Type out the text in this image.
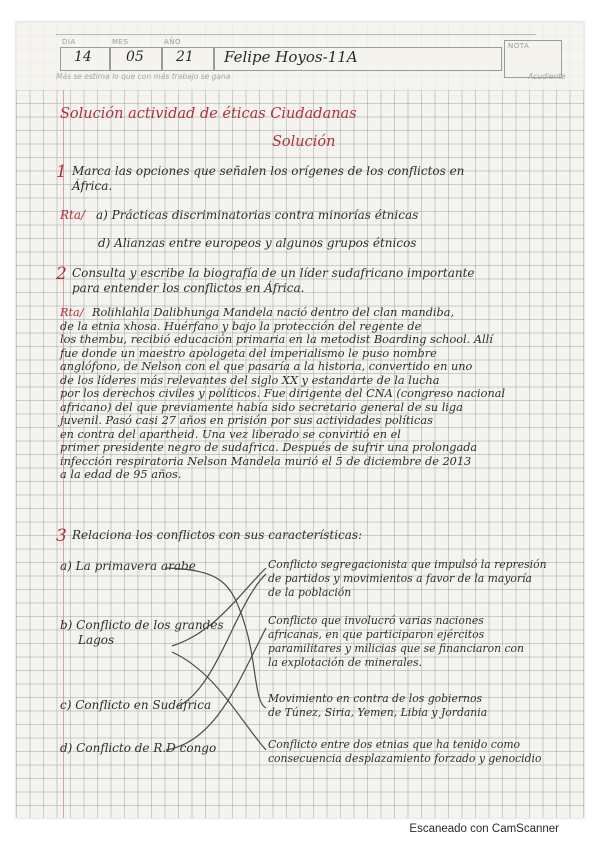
DIA	MES	AÑO	NOTA
14 05 21 Felipe Hoyos-11A
Más se estima lo que con más trabajo se gana	Acudiente
Solución actividad de éticas Ciudadanas
Solución
1 Marca las opciones que señalen los orígenes de los conflictos en
África.
Rta/ a) Prácticas discriminatorias contra minorías étnicas
d) Alianzas entre europeos y algunos grupos étnicos
2 Consulta y escribe la biografía de un líder sudafricano importante
para entender los conflictos en África.
Rta/ Rolihlahla Dalibhunga Mandela nació dentro del clan mandiba,
de la etnia xhosa. Huérfano y bajo la protección del regente de
los thembu, recibió educación primaria en la metodist Boarding school. Allí
fue donde un maestro apologeta del imperialismo le puso nombre
anglófono, de Nelson con el que pasaría a la historia, convertido en uno
de los líderes más relevantes del siglo XX y estandarte de la lucha
por los derechos civiles y políticos. Fue dirigente del CNA (congreso nacional
africano) del que previamente había sido secretario general de su liga
juvenil. Pasó casi 27 años en prisión por sus actividades políticas
en contra del apartheid. Una vez liberado se convirtió en el
primer presidente negro de sudafrica. Después de sufrir una prolongada
infección respiratoria Nelson Mandela murió el 5 de diciembre de 2013
a la edad de 95 años.
3 Relaciona los conflictos con sus características:
a) La primavera arabe
b) Conflicto de los grandes
Lagos
c) Conflicto en Sudáfrica
d) Conflicto de R.D congo
Conflicto segregacionista que impulsó la represión
de partidos y movimientos a favor de la mayoría
de la población
Conflicto que involucró varias naciones
africanas, en que participaron ejércitos
paramilitares y milicias que se financiaron con
la explotación de minerales.
Movimiento en contra de los gobiernos
de Túnez, Siria, Yemen, Libia y Jordania
Conflicto entre dos etnias que ha tenido como
consecuencia desplazamiento forzado y genocidio
Escaneado con CamScanner
